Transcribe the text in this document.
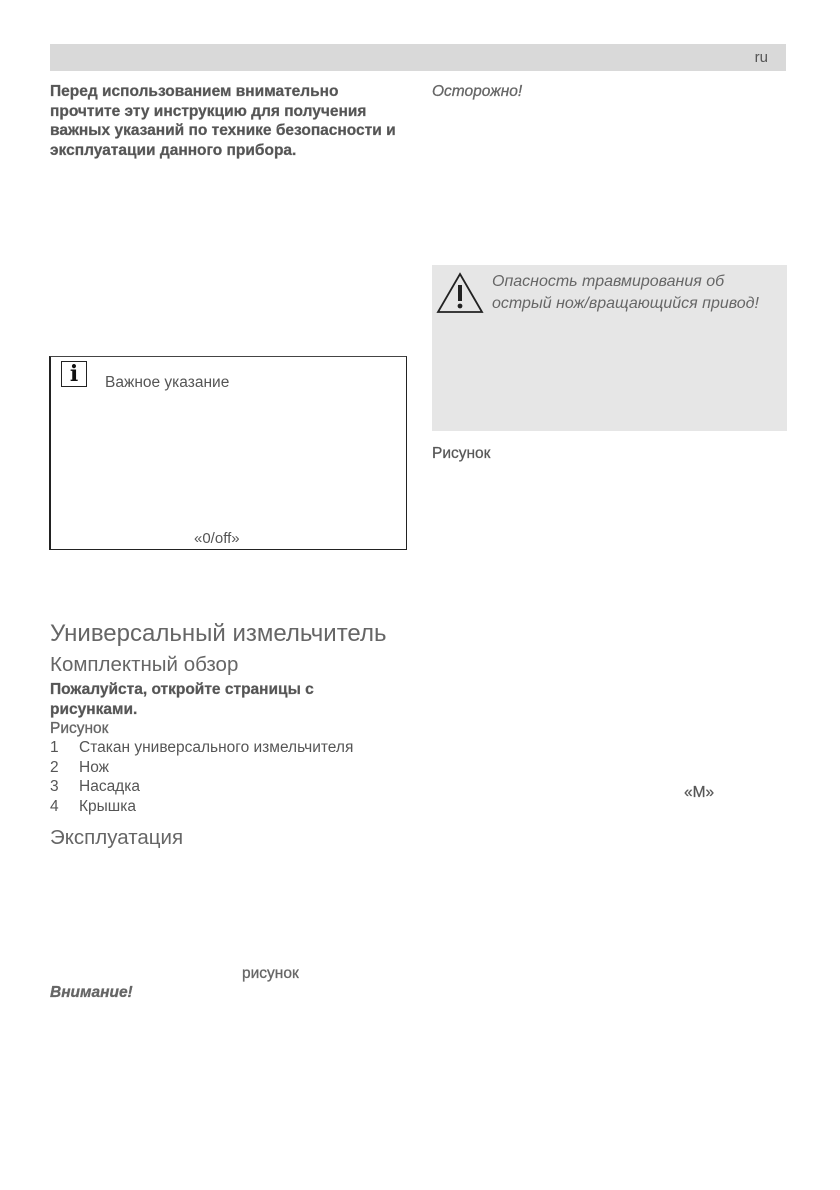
ru
Перед использованием внимательно прочтите эту инструкцию для получения важных указаний по технике безопасности и эксплуатации данного прибора.
Осторожно!
i	Важное указание
«0/off»
Опасность травмирования об острый нож/вращающийся привод!
Рисунок
Универсальный измельчитель
Комплектный обзор
Пожалуйста, откройте страницы с рисунками.
Рисунок
1	Стакан универсального измельчителя
2	Нож
3	Насадка
4	Крышка
Эксплуатация
рисунок
Внимание!
«M»
